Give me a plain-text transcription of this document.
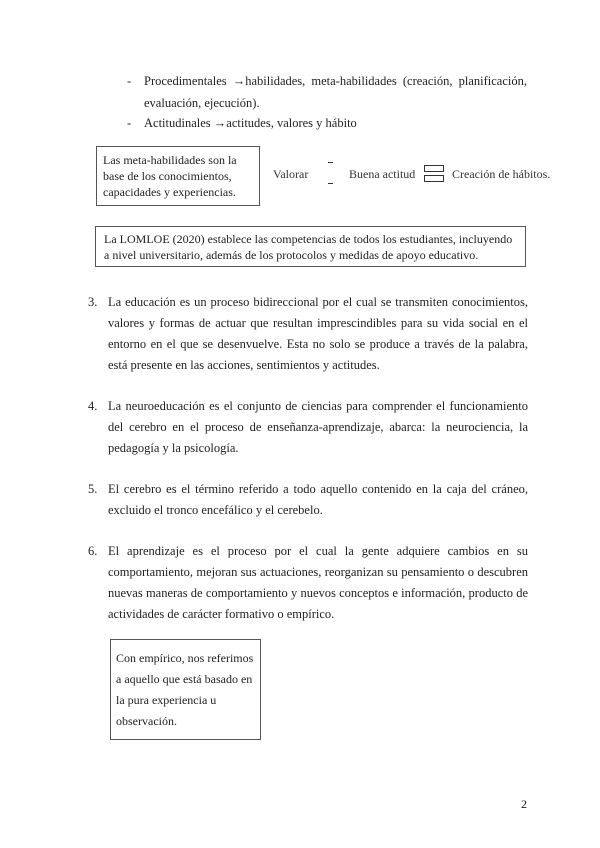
- Procedimentales →habilidades, meta-habilidades (creación, planificación, evaluación, ejecución).
- Actitudinales →actitudes, valores y hábito
Las meta-habilidades son la base de los conocimientos, capacidades y experiencias.
Valorar	Buena actitud	Creación de hábitos.
La LOMLOE (2020) establece las competencias de todos los estudiantes, incluyendo a nivel universitario, además de los protocolos y medidas de apoyo educativo.
3. La educación es un proceso bidireccional por el cual se transmiten conocimientos, valores y formas de actuar que resultan imprescindibles para su vida social en el entorno en el que se desenvuelve. Esta no solo se produce a través de la palabra, está presente en las acciones, sentimientos y actitudes.
4. La neuroeducación es el conjunto de ciencias para comprender el funcionamiento del cerebro en el proceso de enseñanza-aprendizaje, abarca: la neurociencia, la pedagogía y la psicología.
5. El cerebro es el término referido a todo aquello contenido en la caja del cráneo, excluido el tronco encefálico y el cerebelo.
6. El aprendizaje es el proceso por el cual la gente adquiere cambios en su comportamiento, mejoran sus actuaciones, reorganizan su pensamiento o descubren nuevas maneras de comportamiento y nuevos conceptos e información, producto de actividades de carácter formativo o empírico.
Con empírico, nos referimos a aquello que está basado en la pura experiencia u observación.
2
